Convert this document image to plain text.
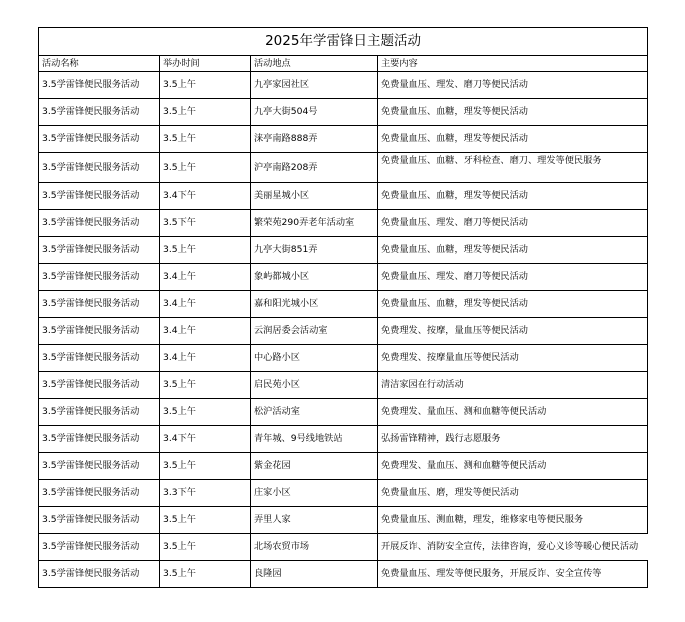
2025年学雷锋日主题活动			
活动名称	举办时间	活动地点	主要内容
3.5学雷锋便民服务活动	3.5上午	九亭家园社区	免费量血压、理发、磨刀等便民活动
3.5学雷锋便民服务活动	3.5上午	九亭大街504号	免费量血压、血糖，理发等便民活动
3.5学雷锋便民服务活动	3.5上午	涞亭南路888弄	免费量血压、血糖，理发等便民活动
3.5学雷锋便民服务活动	3.5上午	沪亭南路208弄	免费量血压、血糖、牙科检查、磨刀、理发等便民服务
3.5学雷锋便民服务活动	3.4下午	美丽星城小区	免费量血压、血糖，理发等便民活动
3.5学雷锋便民服务活动	3.5下午	繁荣苑290弄老年活动室	免费量血压、理发、磨刀等便民活动
3.5学雷锋便民服务活动	3.5上午	九亭大街851弄	免费量血压、血糖，理发等便民活动
3.5学雷锋便民服务活动	3.4上午	象屿都城小区	免费量血压、理发、磨刀等便民活动
3.5学雷锋便民服务活动	3.4上午	嘉和阳光城小区	免费量血压、血糖，理发等便民活动
3.5学雷锋便民服务活动	3.4上午	云润居委会活动室	免费理发、按摩，量血压等便民活动
3.5学雷锋便民服务活动	3.4上午	中心路小区	免费理发、按摩量血压等便民活动
3.5学雷锋便民服务活动	3.5上午	启民苑小区	清洁家园在行动活动
3.5学雷锋便民服务活动	3.5上午	松沪活动室	免费理发、量血压、测和血糖等便民活动
3.5学雷锋便民服务活动	3.4下午	青年城、9号线地铁站	弘扬雷锋精神，践行志愿服务
3.5学雷锋便民服务活动	3.5上午	紫金花园	免费理发、量血压、测和血糖等便民活动
3.5学雷锋便民服务活动	3.3下午	庄家小区	免费量血压、磨，理发等便民活动
3.5学雷锋便民服务活动	3.5上午	弄里人家	免费量血压、测血糖，理发，维修家电等便民服务
3.5学雷锋便民服务活动	3.5上午	北场农贸市场	开展反诈、消防安全宣传，法律咨询，爱心义诊等暖心便民活动
3.5学雷锋便民服务活动	3.5上午	良隆园	免费量血压、理发等便民服务，开展反诈、安全宣传等
